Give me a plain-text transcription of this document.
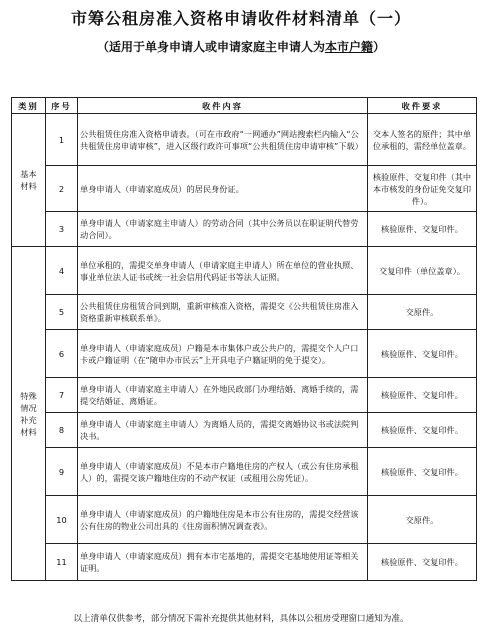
市筹公租房准入资格申请收件材料清单（一）
（适用于单身申请人或申请家庭主申请人为本市户籍）
类别	序号	收件内容	收件要求
基本
材料	1	公共租赁住房准入资格申请表。（可在市政府“一网通办”网站搜索栏内输入“公共租赁住房申请审核”，进入区级行政许可事项“公共租赁住房申请审核”下载）	交本人签名的原件；其中单位承租的，需经单位盖章。
	2	单身申请人（申请家庭成员）的居民身份证。	核验原件、交复印件（其中本市核发的身份证免交复印件）。
	3	单身申请人（申请家庭主申请人）的劳动合同（其中公务员以在职证明代替劳动合同）。	核验原件、交复印件。
特殊
情况
补充
材料	4	单位承租的，需提交单身申请人（申请家庭主申请人）所在单位的营业执照、事业单位法人证书或统一社会信用代码证书等法人证照。	交复印件（单位盖章）。
	5	公共租赁住房租赁合同到期，重新审核准入资格，需提交《公共租赁住房准入资格重新审核联系单》。	交原件。
	6	单身申请人（申请家庭成员）户籍是本市集体户或公共户的，需提交个人户口卡或户籍证明（在“随申办市民云”上开具电子户籍证明的免于提交）。	核验原件、交复印件。
	7	单身申请人（申请家庭主申请人）在外地民政部门办理结婚、离婚手续的，需提交结婚证、离婚证。	核验原件、交复印件。
	8	单身申请人（申请家庭主申请人）为离婚人员的，需提交离婚协议书或法院判决书。	核验原件、交复印件。
	9	单身申请人（申请家庭成员）不是本市户籍地住房的产权人（或公有住房承租人）的，需提交该户籍地住房的不动产权证（或租用公房凭证）。	核验原件、交复印件。
	10	单身申请人（申请家庭成员）的户籍地住房是本市公有住房的，需提交经营该公有住房的物业公司出具的《住房面积情况调查表》。	交原件。
	11	单身申请人（申请家庭成员）拥有本市宅基地的，需提交宅基地使用证等相关证明。	核验原件、交复印件。
以上清单仅供参考，部分情况下需补充提供其他材料，具体以公租房受理窗口通知为准。
